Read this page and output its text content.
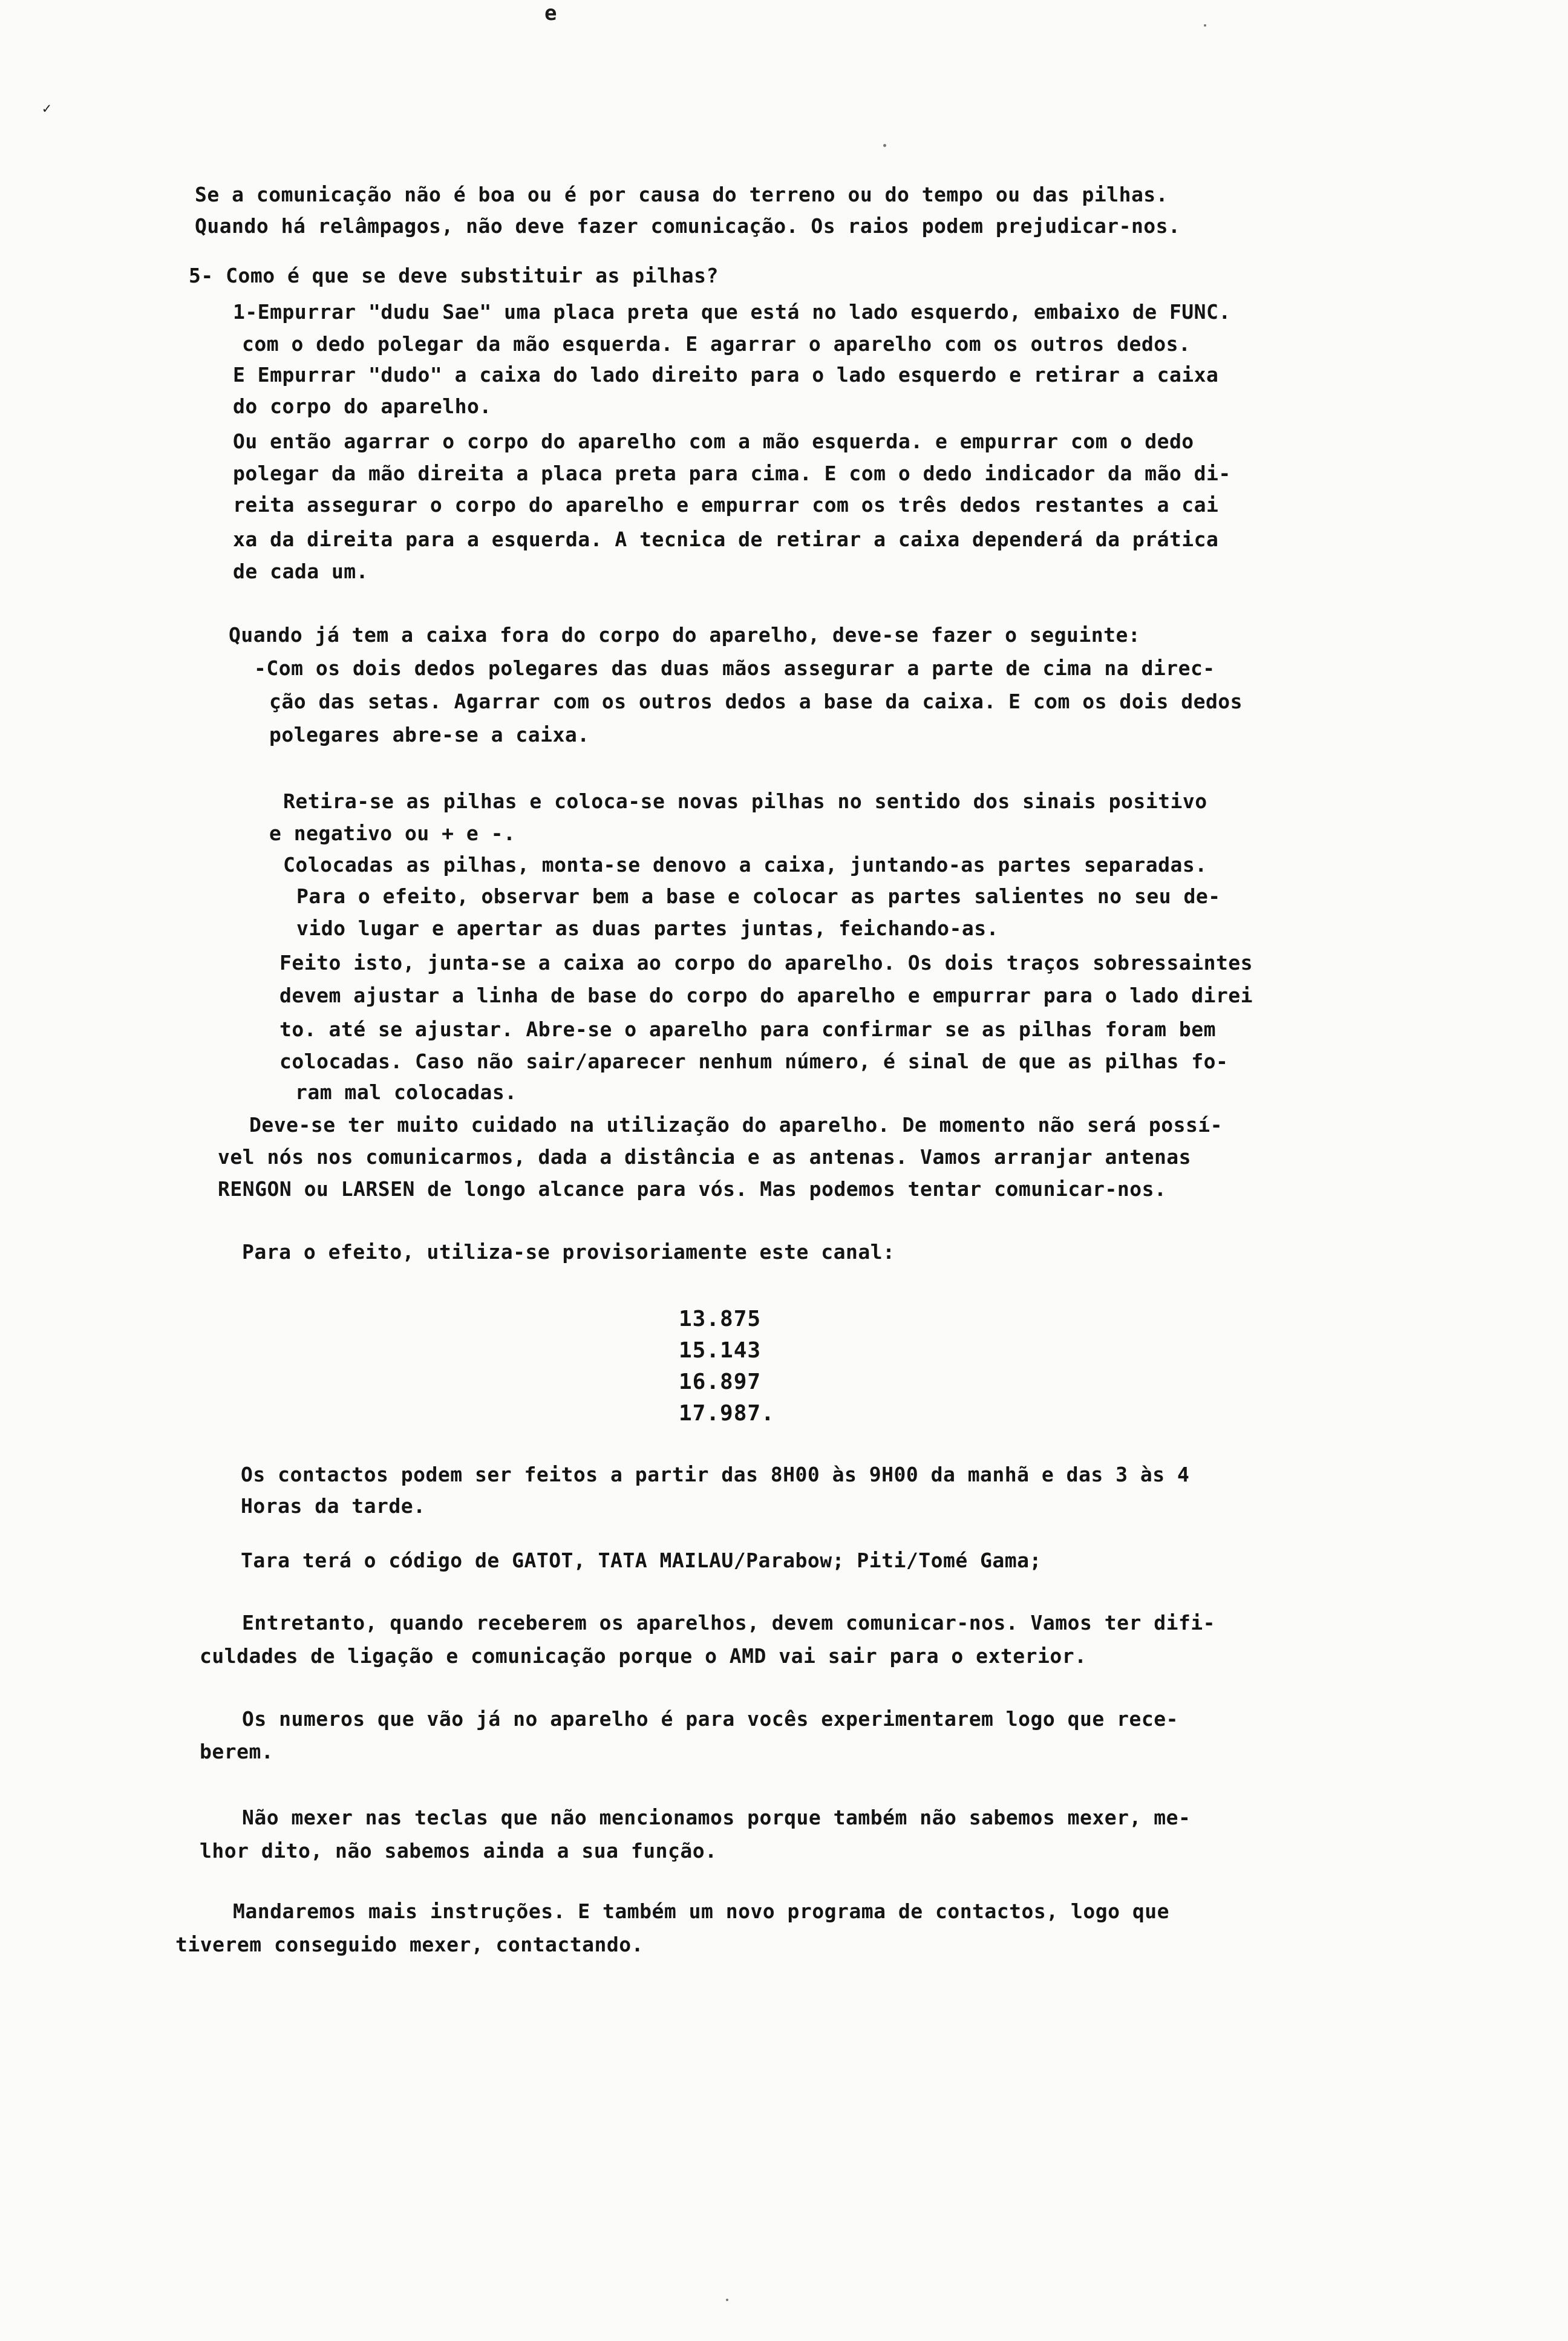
e
✓
Se a comunicação não é boa ou é por causa do terreno ou do tempo ou das pilhas.
Quando há relâmpagos, não deve fazer comunicação. Os raios podem prejudicar-nos.
5- Como é que se deve substituir as pilhas?
1-Empurrar "dudu Sae" uma placa preta que está no lado esquerdo, embaixo de FUNC.
com o dedo polegar da mão esquerda. E agarrar o aparelho com os outros dedos.
E Empurrar "dudo" a caixa do lado direito para o lado esquerdo e retirar a caixa
do corpo do aparelho.
Ou então agarrar o corpo do aparelho com a mão esquerda. e empurrar com o dedo
polegar da mão direita a placa preta para cima. E com o dedo indicador da mão di-
reita assegurar o corpo do aparelho e empurrar com os três dedos restantes a cai
xa da direita para a esquerda. A tecnica de retirar a caixa dependerá da prática
de cada um.
Quando já tem a caixa fora do corpo do aparelho, deve-se fazer o seguinte:
-Com os dois dedos polegares das duas mãos assegurar a parte de cima na direc-
ção das setas. Agarrar com os outros dedos a base da caixa. E com os dois dedos
polegares abre-se a caixa.
Retira-se as pilhas e coloca-se novas pilhas no sentido dos sinais positivo
e negativo ou + e -.
Colocadas as pilhas, monta-se denovo a caixa, juntando-as partes separadas.
Para o efeito, observar bem a base e colocar as partes salientes no seu de-
vido lugar e apertar as duas partes juntas, feichando-as.
Feito isto, junta-se a caixa ao corpo do aparelho. Os dois traços sobressaintes
devem ajustar a linha de base do corpo do aparelho e empurrar para o lado direi
to. até se ajustar. Abre-se o aparelho para confirmar se as pilhas foram bem
colocadas. Caso não sair/aparecer nenhum número, é sinal de que as pilhas fo-
ram mal colocadas.
Deve-se ter muito cuidado na utilização do aparelho. De momento não será possí-
vel nós nos comunicarmos, dada a distância e as antenas. Vamos arranjar antenas
RENGON ou LARSEN de longo alcance para vós. Mas podemos tentar comunicar-nos.
Para o efeito, utiliza-se provisoriamente este canal:
13.875
15.143
16.897
17.987.
Os contactos podem ser feitos a partir das 8H00 às 9H00 da manhã e das 3 às 4
Horas da tarde.
Tara terá o código de GATOT, TATA MAILAU/Parabow; Piti/Tomé Gama;
Entretanto, quando receberem os aparelhos, devem comunicar-nos. Vamos ter difi-
culdades de ligação e comunicação porque o AMD vai sair para o exterior.
Os numeros que vão já no aparelho é para vocês experimentarem logo que rece-
berem.
Não mexer nas teclas que não mencionamos porque também não sabemos mexer, me-
lhor dito, não sabemos ainda a sua função.
Mandaremos mais instruções. E também um novo programa de contactos, logo que
tiverem conseguido mexer, contactando.
